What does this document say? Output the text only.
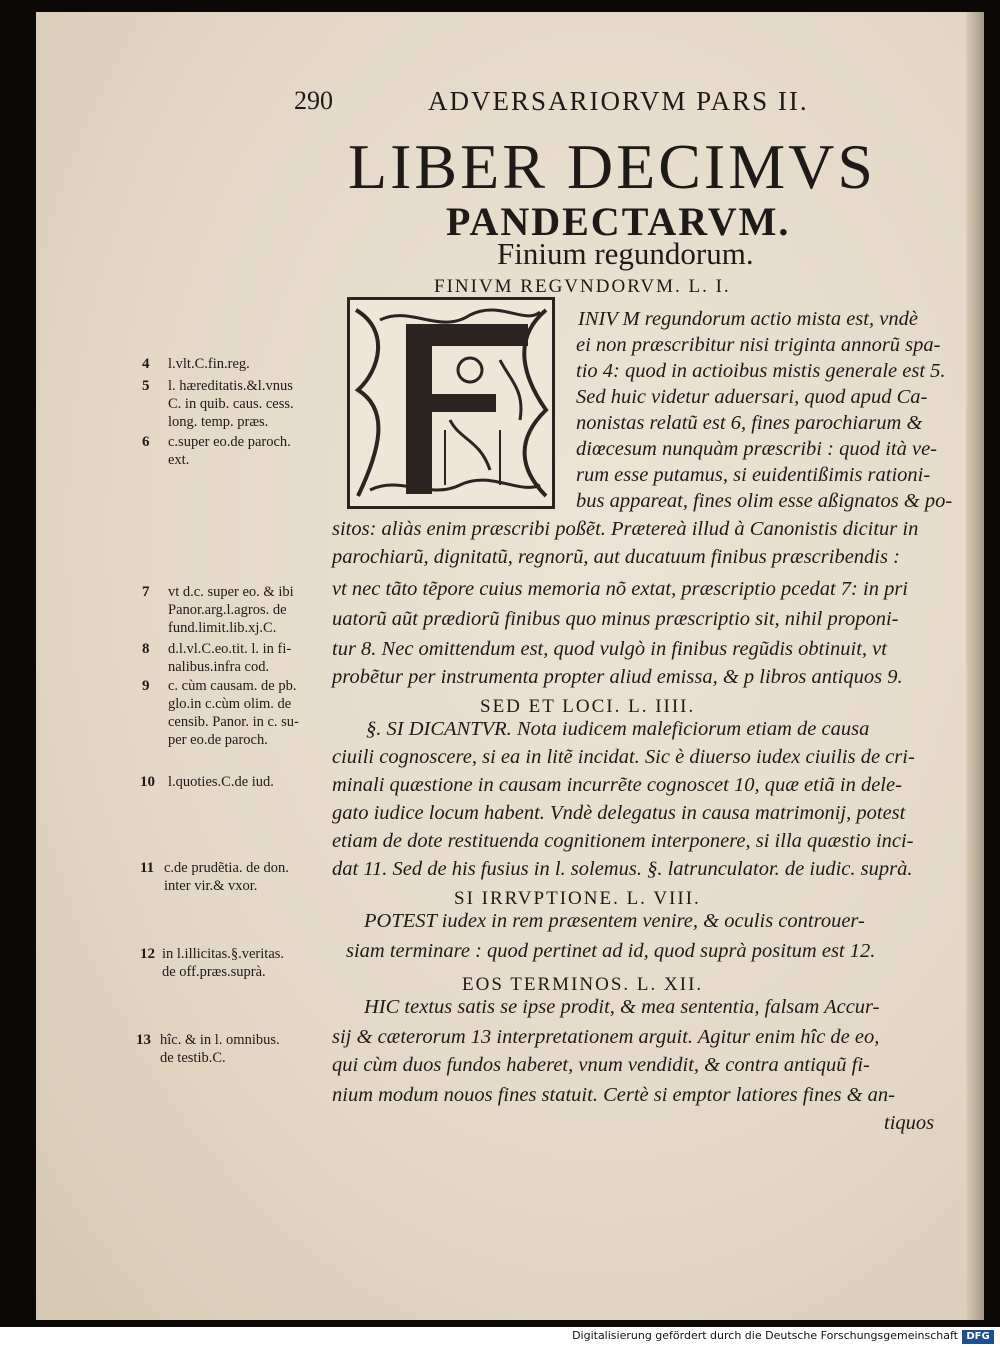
290	ADVERSARIORVM PARS II.
LIBER DECIMVS
PANDECTARVM.
Finium regundorum.
FINIVM REGVNDORVM. L. I.
INIV M regundorum actio mista est, vndè
ei non præscribitur nisi triginta annorũ spa-
tio 4: quod in actioibus mistis generale est 5.
Sed huic videtur aduersari, quod apud Ca-
nonistas relatũ est 6, fines parochiarum &
diœcesum nunquàm præscribi : quod ità ve-
rum esse putamus, si euidentißimis rationi-
bus appareat, fines olim esse aßignatos & po-
sitos: aliàs enim præscribi poßẽt. Prætereà illud à Canonistis dicitur in
parochiarũ, dignitatũ, regnorũ, aut ducatuum finibus præscribendis :
vt nec tãto tẽpore cuius memoria nõ extat, præscriptio pcedat 7: in pri
uatorũ aũt prædiorũ finibus quo minus præscriptio sit, nihil proponi-
tur 8. Nec omittendum est, quod vulgò in finibus regũdis obtinuit, vt
probẽtur per instrumenta propter aliud emissa, & p libros antiquos 9.
SED ET LOCI. L. IIII.
§. SI DICANTVR. Nota iudicem maleficiorum etiam de causa
ciuili cognoscere, si ea in litẽ incidat. Sic è diuerso iudex ciuilis de cri-
minali quæstione in causam incurrẽte cognoscet 10, quæ etiã in dele-
gato iudice locum habent. Vndè delegatus in causa matrimonij, potest
etiam de dote restituenda cognitionem interponere, si illa quæstio inci-
dat 11. Sed de his fusius in l. solemus. §. latrunculator. de iudic. suprà.
SI IRRVPTIONE. L. VIII.
POTEST iudex in rem præsentem venire, & oculis controuer-
siam terminare : quod pertinet ad id, quod suprà positum est 12.
EOS TERMINOS. L. XII.
HIC textus satis se ipse prodit, & mea sententia, falsam Accur-
sij & cæterorum 13 interpretationem arguit. Agitur enim hîc de eo,
qui cùm duos fundos haberet, vnum vendidit, & contra antiquũ fi-
nium modum nouos fines statuit. Certè si emptor latiores fines & an-
tiquos
4 l.vlt.C.fin.reg.
5 l. hæreditatis.&l.vnus
C. in quib. caus. cess.
long. temp. præs.
6 c.super eo.de paroch.
ext.
7 vt d.c. super eo. & ibi
Panor.arg.l.agros. de
fund.limit.lib.xj.C.
8 d.l.vl.C.eo.tit. l. in fi-
nalibus.infra cod.
9 c. cùm causam. de pb.
glo.in c.cùm olim. de
censib. Panor. in c. su-
per eo.de paroch.
10 l.quoties.C.de iud.
11 c.de prudẽtia. de don.
inter vir.& vxor.
12 in l.illicitas.§.veritas.
de off.præs.suprà.
13 hîc. & in l. omnibus.
de testib.C.
Digitalisierung gefördert durch die Deutsche Forschungsgemeinschaft DFG
